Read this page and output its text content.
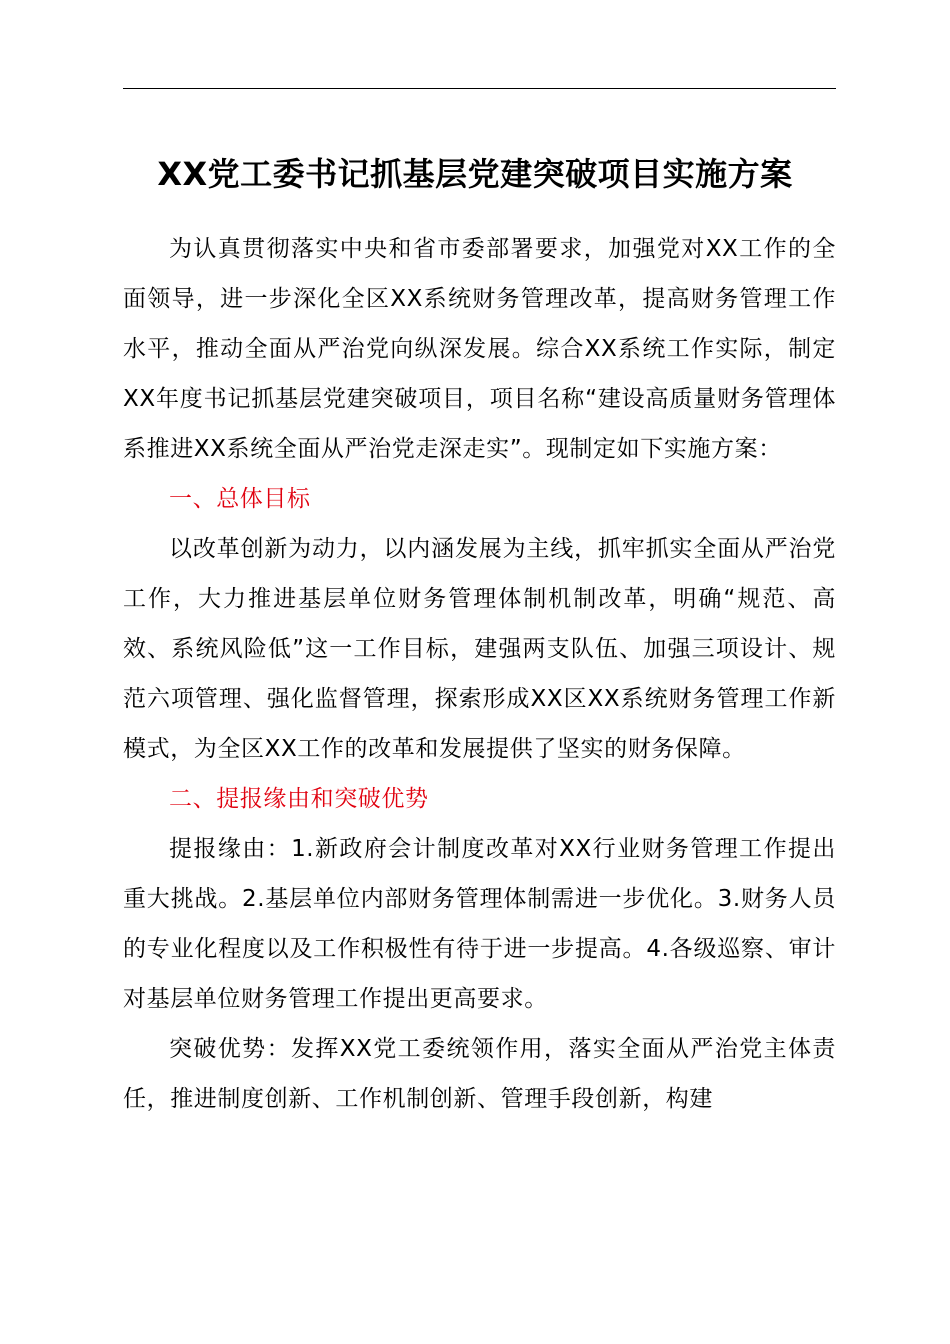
XX党工委书记抓基层党建突破项目实施方案

为认真贯彻落实中央和省市委部署要求，加强党对XX工作的全面领导，进一步深化全区XX系统财务管理改革，提高财务管理工作水平，推动全面从严治党向纵深发展。综合XX系统工作实际，制定XX年度书记抓基层党建突破项目，项目名称“建设高质量财务管理体系推进XX系统全面从严治党走深走实”。现制定如下实施方案：

一、总体目标

以改革创新为动力，以内涵发展为主线，抓牢抓实全面从严治党工作，大力推进基层单位财务管理体制机制改革，明确“规范、高效、系统风险低”这一工作目标，建强两支队伍、加强三项设计、规范六项管理、强化监督管理，探索形成XX区XX系统财务管理工作新模式，为全区XX工作的改革和发展提供了坚实的财务保障。

二、提报缘由和突破优势

提报缘由：1.新政府会计制度改革对XX行业财务管理工作提出重大挑战。2.基层单位内部财务管理体制需进一步优化。3.财务人员的专业化程度以及工作积极性有待于进一步提高。4.各级巡察、审计对基层单位财务管理工作提出更高要求。

突破优势：发挥XX党工委统领作用，落实全面从严治党主体责任，推进制度创新、工作机制创新、管理手段创新，构建
